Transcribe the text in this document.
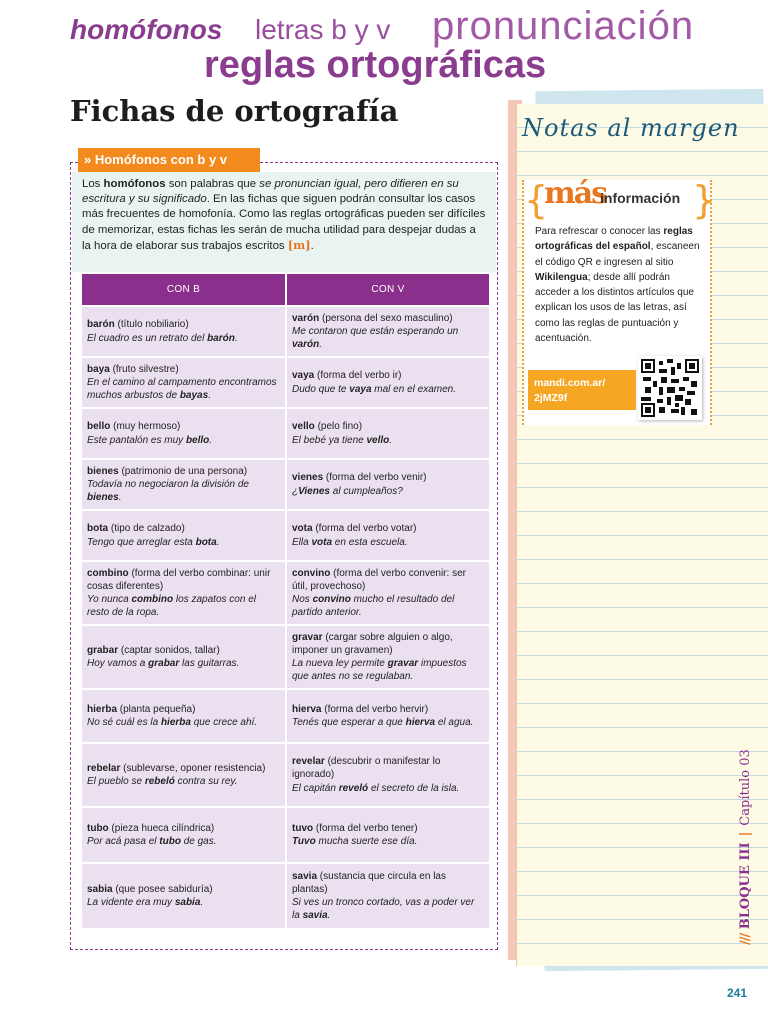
homófonos letras b y v pronunciación
reglas ortográficas
Fichas de ortografía
» Homófonos con b y v

Los homófonos son palabras que se pronuncian igual, pero difieren en su escritura y su significado. En las fichas que siguen podrán consultar los casos más frecuentes de homofonía. Como las reglas ortográficas pueden ser difíciles de memorizar, estas fichas les serán de mucha utilidad para despejar dudas a la hora de elaborar sus trabajos escritos [m].

CON B	CON V
barón (título nobiliario)
El cuadro es un retrato del barón.
varón (persona del sexo masculino)
Me contaron que están esperando un varón.
baya (fruto silvestre)
En el camino al campamento encontramos muchos arbustos de bayas.
vaya (forma del verbo ir)
Dudo que te vaya mal en el examen.
bello (muy hermoso)
Este pantalón es muy bello.
vello (pelo fino)
El bebé ya tiene vello.
bienes (patrimonio de una persona)
Todavía no negociaron la división de bienes.
vienes (forma del verbo venir)
¿Vienes al cumpleaños?
bota (tipo de calzado)
Tengo que arreglar esta bota.
vota (forma del verbo votar)
Ella vota en esta escuela.
combino (forma del verbo combinar: unir cosas diferentes)
Yo nunca combino los zapatos con el resto de la ropa.
convino (forma del verbo convenir: ser útil, provechoso)
Nos convino mucho el resultado del partido anterior.
grabar (captar sonidos, tallar)
Hoy vamos a grabar las guitarras.
gravar (cargar sobre alguien o algo, imponer un gravamen)
La nueva ley permite gravar impuestos que antes no se regulaban.
hierba (planta pequeña)
No sé cuál es la hierba que crece ahí.
hierva (forma del verbo hervir)
Tenés que esperar a que hierva el agua.
rebelar (sublevarse, oponer resistencia)
El pueblo se rebeló contra su rey.
revelar (descubrir o manifestar lo ignorado)
El capitán reveló el secreto de la isla.
tubo (pieza hueca cilíndrica)
Por acá pasa el tubo de gas.
tuvo (forma del verbo tener)
Tuvo mucha suerte ese día.
sabia (que posee sabiduría)
La vidente era muy sabia.
savia (sustancia que circula en las plantas)
Si ves un tronco cortado, vas a poder ver la savia.
Notas al margen
{	}
más
información

Para refrescar o conocer las reglas ortográficas del español, escaneen el código QR e ingresen al sitio Wikilengua; desde allí podrán acceder a los distintos artículos que explican los usos de las letras, así como las reglas de puntuación y acentuación.

mandi.com.ar/
2jMZ9f
/// BLOQUE III|Capítulo 03
241
